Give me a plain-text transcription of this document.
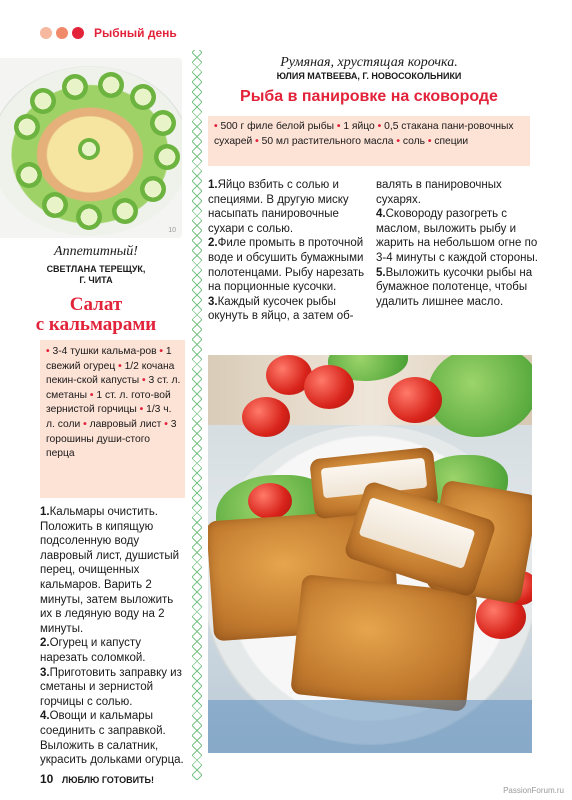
Рыбный день
10
Аппетитный!
СВЕТЛАНА ТЕРЕЩУК,
Г. ЧИТА
Салат
с кальмарами
• 3-4 тушки кальма-ров • 1 свежий огурец • 1/2 кочана пекин-ской капусты • 3 ст. л. сметаны • 1 ст. л. гото-вой зернистой горчицы • 1/3 ч. л. соли • лавровый лист • 3 горошины души-стого перца
1.Кальмары очистить. Положить в кипящую подсоленную воду лавровый лист, душистый перец, очищенных кальмаров. Варить 2 минуты, затем выложить их в ледяную воду на 2 минуты.
2.Огурец и капусту нарезать соломкой.
3.Приготовить заправку из сметаны и зернистой горчицы с солью.
4.Овощи и кальмары соединить с заправкой. Выложить в салатник, украсить дольками огурца.
Румяная, хрустящая корочка.
ЮЛИЯ МАТВЕЕВА, Г. НОВОСОКОЛЬНИКИ
Рыба в панировке на сковороде
• 500 г филе белой рыбы • 1 яйцо • 0,5 стакана пани-ровочных сухарей • 50 мл растительного масла • соль • специи
1.Яйцо взбить с солью и специями. В другую миску насыпать панировочные сухари с солью.
2.Филе промыть в проточной воде и обсушить бумажными полотенцами. Рыбу нарезать на порционные кусочки.
3.Каждый кусочек рыбы окунуть в яйцо, а затем об-
валять в панировочных сухарях.
4.Сковороду разогреть с маслом, выложить рыбу и жарить на небольшом огне по 3-4 минуты с каждой стороны.
5.Выложить кусочки рыбы на бумажное полотенце, чтобы удалить лишнее масло.
10 ЛЮБЛЮ ГОТОВИТЬ!
PassionForum.ru
